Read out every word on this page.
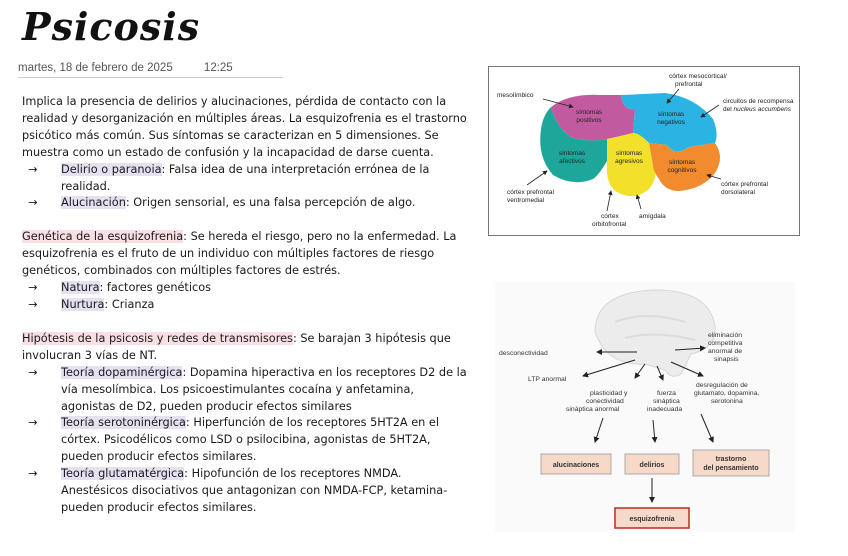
Psicosis
martes, 18 de febrero de 2025	12:25

Implica la presencia de delirios y alucinaciones, pérdida de contacto con la realidad y desorganización en múltiples áreas. La esquizofrenia es el trastorno psicótico más común. Sus síntomas se caracterizan en 5 dimensiones. Se muestra como un estado de confusión y la incapacidad de darse cuenta.

→	Delirio o paranoia: Falsa idea de una interpretación errónea de la realidad.
→	Alucinación: Origen sensorial, es una falsa percepción de algo.

Genética de la esquizofrenia: Se hereda el riesgo, pero no la enfermedad. La esquizofrenia es el fruto de un individuo con múltiples factores de riesgo genéticos, combinados con múltiples factores de estrés.

→	Natura: factores genéticos
→	Nurtura: Crianza

Hipótesis de la psicosis y redes de transmisores: Se barajan 3 hipótesis que involucran 3 vías de NT.

→	Teoría dopaminérgica: Dopamina hiperactiva en los receptores D2 de la vía mesolímbica. Los psicoestimulantes cocaína y anfetamina, agonistas de D2, pueden producir efectos similares
→	Teoría serotoninérgica: Hiperfunción de los receptores 5HT2A en el córtex. Psicodélicos como LSD o psilocibina, agonistas de 5HT2A, pueden producir efectos similares.
→	Teoría glutamatérgica: Hipofunción de los receptores NMDA. Anestésicos disociativos que antagonizan con NMDA-FCP, ketamina- pueden producir efectos similares.
síntomas
positivos
síntomas
negativos
síntomas
afectivos
síntomas
agresivos	síntomas
cognitivos
mesolímbico
córtex mesocortical/
prefrontal
circuitos de recompensa
del nucleus accumbens
córtex prefrontal
ventromedial
córtex
orbitofrontal
amígdala
córtex prefrontal
dorsolateral
desconectividad
eliminación
competitiva
anormal de
sinapsis
LTP anormal
plasticidad y
conectividad
sináptica anormal
fuerza
sináptica
inadecuada
desregulación de
glutamato, dopamina,
serotonina
alucinaciones	delirios
trastorno
del pensamiento
esquizofrenia
